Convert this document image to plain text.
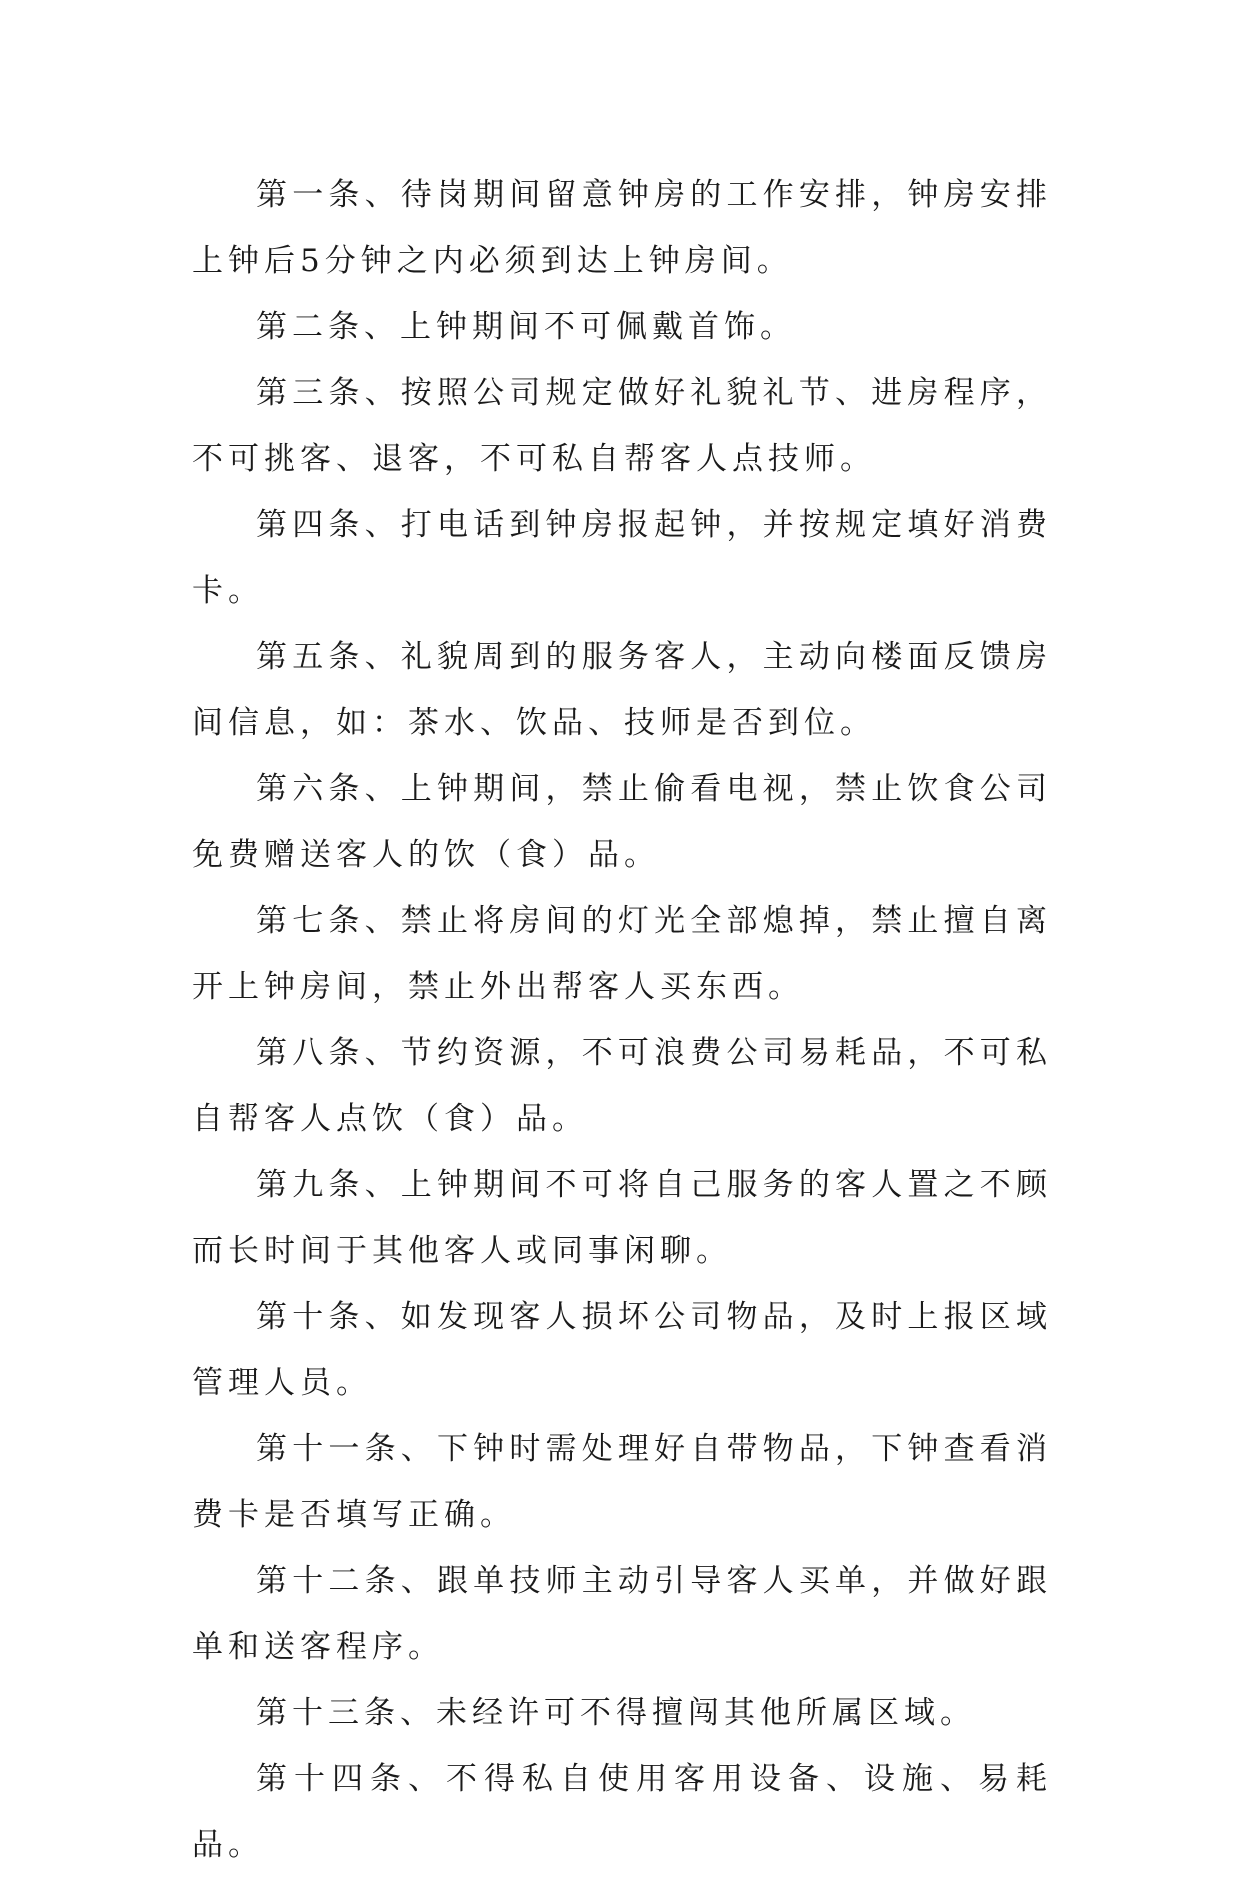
第一条、待岗期间留意钟房的工作安排，钟房安排上钟后5分钟之内必须到达上钟房间。

第二条、上钟期间不可佩戴首饰。

第三条、按照公司规定做好礼貌礼节、进房程序，不可挑客、退客，不可私自帮客人点技师。

第四条、打电话到钟房报起钟，并按规定填好消费卡。

第五条、礼貌周到的服务客人，主动向楼面反馈房间信息，如：茶水、饮品、技师是否到位。

第六条、上钟期间，禁止偷看电视，禁止饮食公司免费赠送客人的饮（食）品。

第七条、禁止将房间的灯光全部熄掉，禁止擅自离开上钟房间，禁止外出帮客人买东西。

第八条、节约资源，不可浪费公司易耗品，不可私自帮客人点饮（食）品。

第九条、上钟期间不可将自己服务的客人置之不顾而长时间于其他客人或同事闲聊。

第十条、如发现客人损坏公司物品，及时上报区域管理人员。

第十一条、下钟时需处理好自带物品，下钟查看消费卡是否填写正确。

第十二条、跟单技师主动引导客人买单，并做好跟单和送客程序。

第十三条、未经许可不得擅闯其他所属区域。

第十四条、不得私自使用客用设备、设施、易耗品。
